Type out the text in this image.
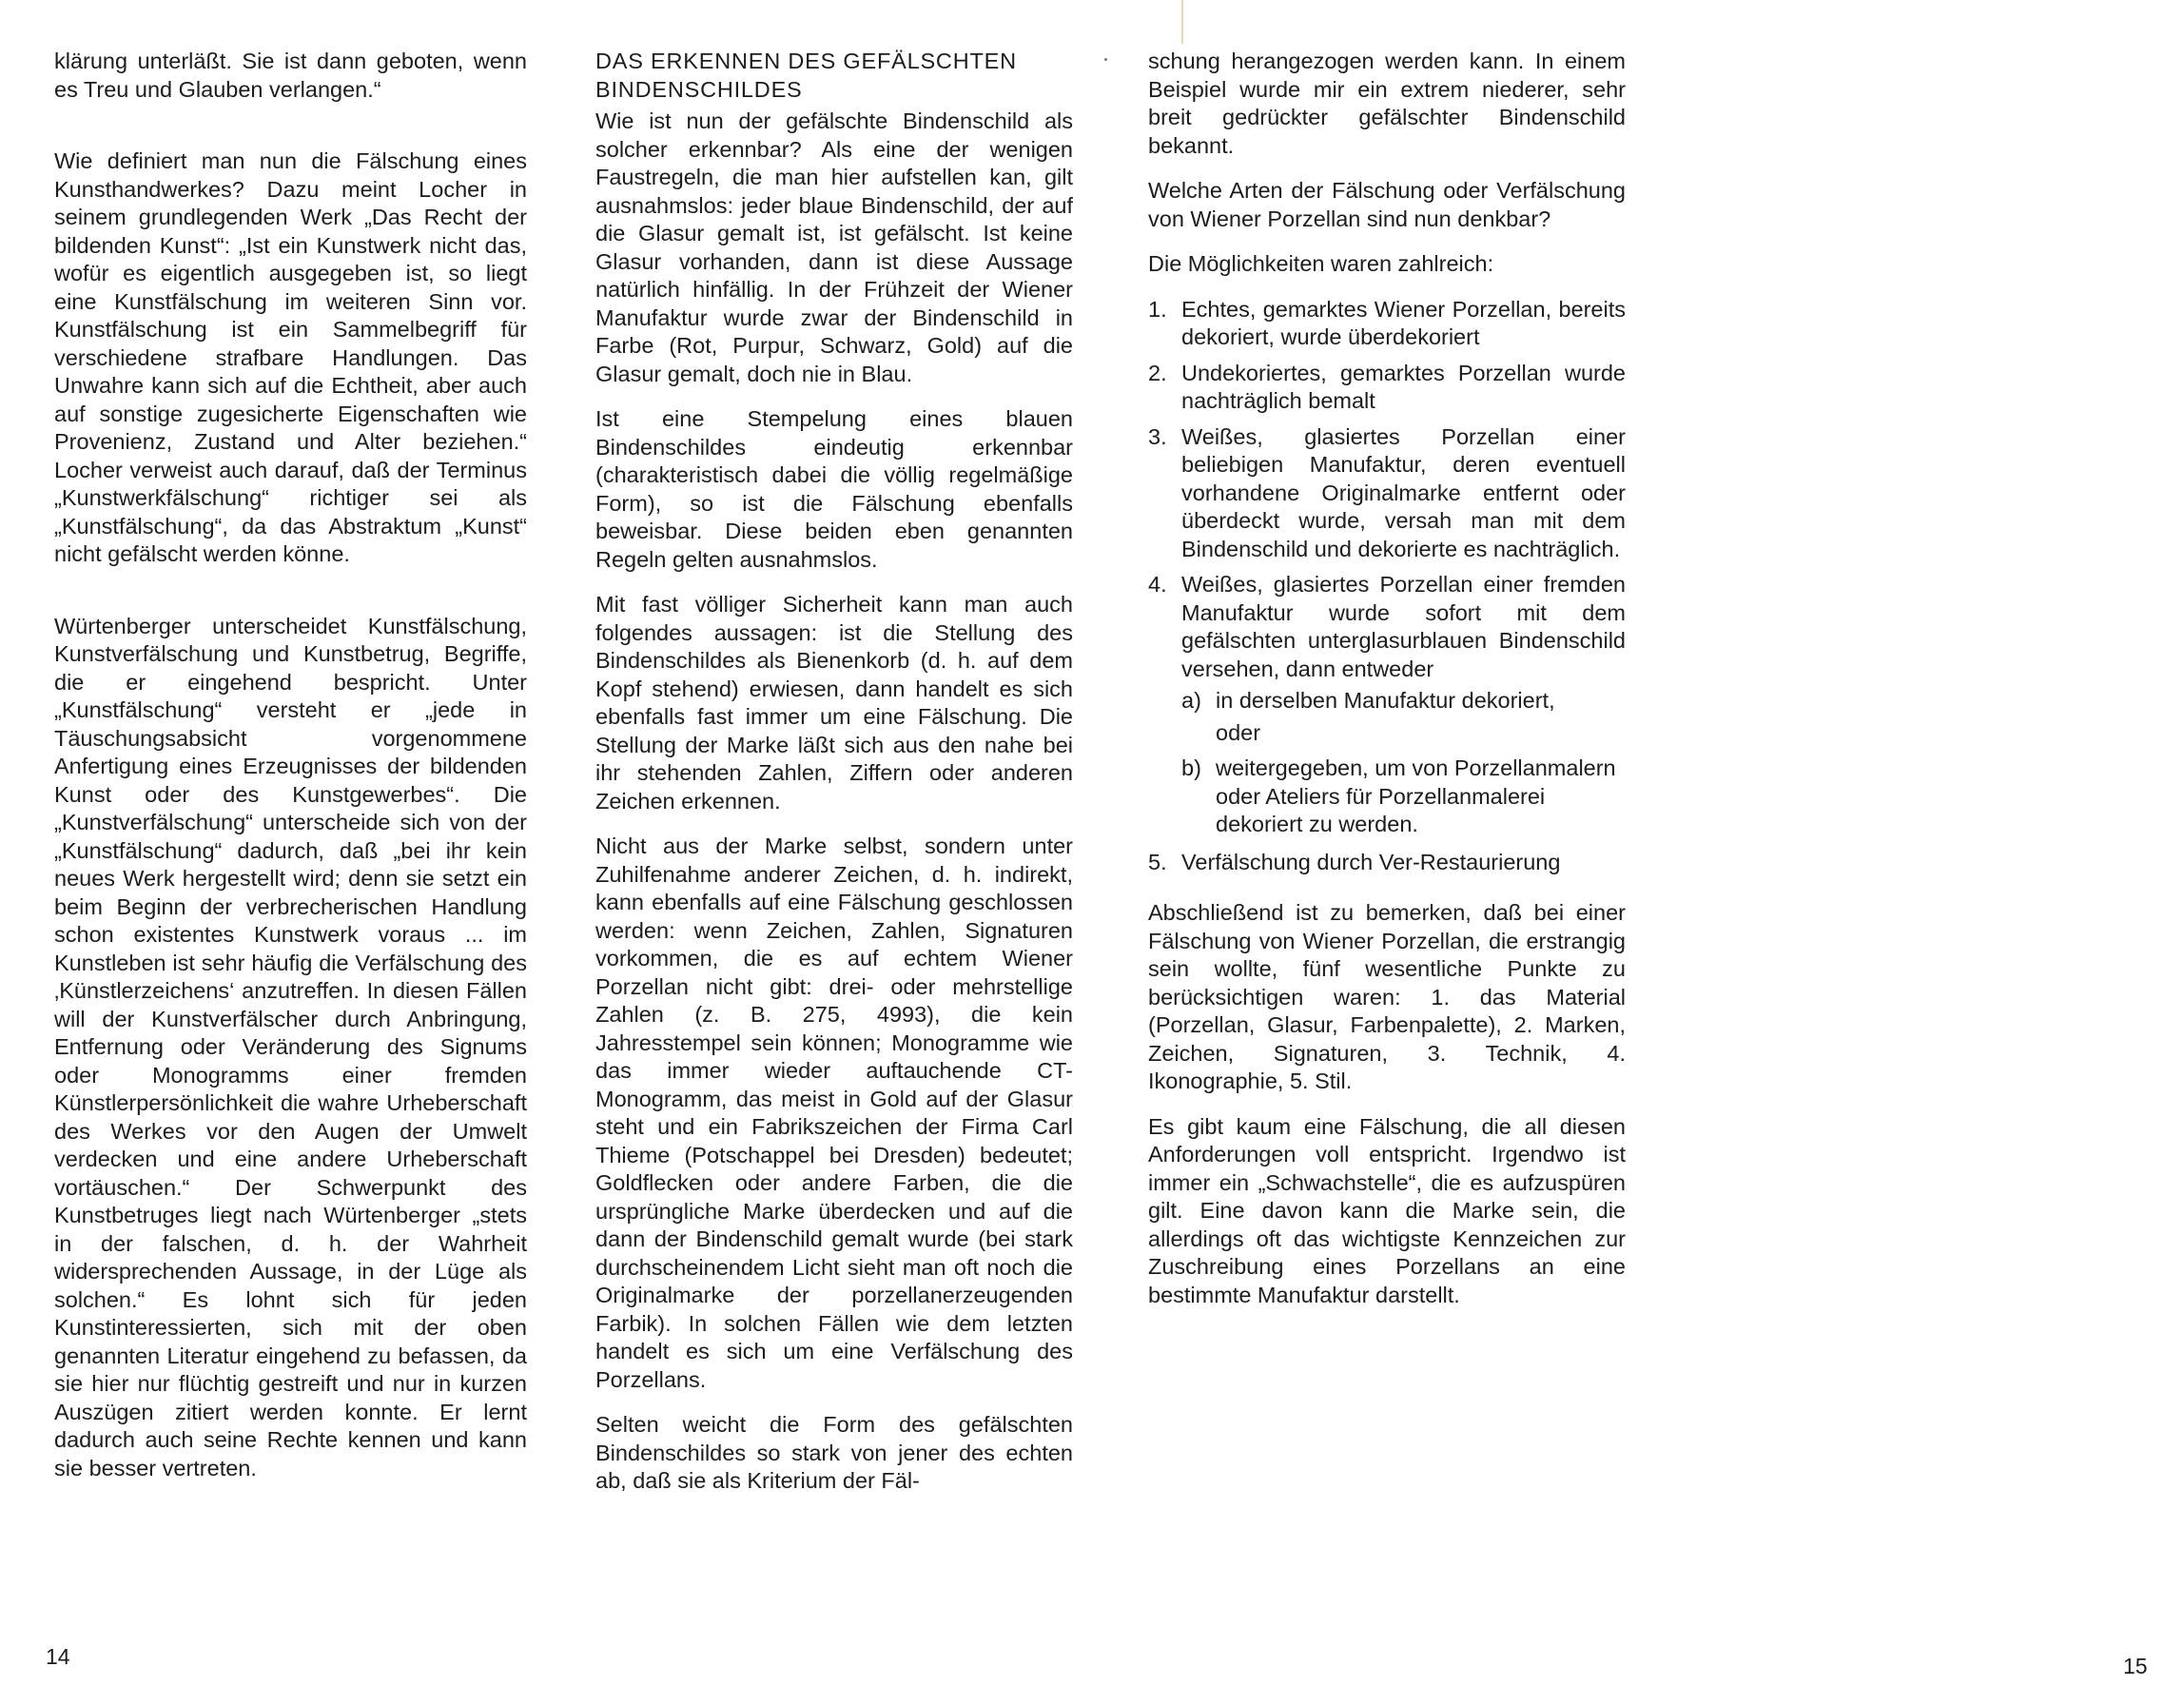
klärung unterläßt. Sie ist dann geboten, wenn es Treu und Glauben verlangen.“

Wie definiert man nun die Fälschung eines Kunsthandwerkes? Dazu meint Locher in seinem grundlegenden Werk „Das Recht der bildenden Kunst“: „Ist ein Kunstwerk nicht das, wofür es eigentlich ausgegeben ist, so liegt eine Kunstfälschung im weiteren Sinn vor. Kunstfälschung ist ein Sammelbegriff für verschiedene strafbare Handlungen. Das Unwahre kann sich auf die Echtheit, aber auch auf sonstige zugesicherte Eigenschaften wie Provenienz, Zustand und Alter beziehen.“ Locher verweist auch darauf, daß der Terminus „Kunstwerkfälschung“ richtiger sei als „Kunstfälschung“, da das Abstraktum „Kunst“ nicht gefälscht werden könne.

Würtenberger unterscheidet Kunstfälschung, Kunstverfälschung und Kunstbetrug, Begriffe, die er eingehend bespricht. Unter „Kunstfälschung“ versteht er „jede in Täuschungsabsicht vorgenommene Anfertigung eines Erzeugnisses der bildenden Kunst oder des Kunstgewerbes“. Die „Kunstverfälschung“ unterscheide sich von der „Kunstfälschung“ dadurch, daß „bei ihr kein neues Werk hergestellt wird; denn sie setzt ein beim Beginn der verbrecherischen Handlung schon existentes Kunstwerk voraus ... im Kunstleben ist sehr häufig die Verfälschung des ‚Künstlerzeichens‘ anzutreffen. In diesen Fällen will der Kunstverfälscher durch Anbringung, Entfernung oder Veränderung des Signums oder Monogramms einer fremden Künstlerpersönlichkeit die wahre Urheberschaft des Werkes vor den Augen der Umwelt verdecken und eine andere Urheberschaft vortäuschen.“ Der Schwerpunkt des Kunstbetruges liegt nach Würtenberger „stets in der falschen, d. h. der Wahrheit widersprechenden Aussage, in der Lüge als solchen.“ Es lohnt sich für jeden Kunstinteressierten, sich mit der oben genannten Literatur eingehend zu befassen, da sie hier nur flüchtig gestreift und nur in kurzen Auszügen zitiert werden konnte. Er lernt dadurch auch seine Rechte kennen und kann sie besser vertreten.

DAS ERKENNEN DES GEFÄLSCHTEN BINDENSCHILDES

Wie ist nun der gefälschte Bindenschild als solcher erkennbar? Als eine der wenigen Faustregeln, die man hier aufstellen kan, gilt ausnahmslos: jeder blaue Bindenschild, der auf die Glasur gemalt ist, ist gefälscht. Ist keine Glasur vorhanden, dann ist diese Aussage natürlich hinfällig. In der Frühzeit der Wiener Manufaktur wurde zwar der Bindenschild in Farbe (Rot, Purpur, Schwarz, Gold) auf die Glasur gemalt, doch nie in Blau.

Ist eine Stempelung eines blauen Bindenschildes eindeutig erkennbar (charakteristisch dabei die völlig regelmäßige Form), so ist die Fälschung ebenfalls beweisbar. Diese beiden eben genannten Regeln gelten ausnahmslos.

Mit fast völliger Sicherheit kann man auch folgendes aussagen: ist die Stellung des Bindenschildes als Bienenkorb (d. h. auf dem Kopf stehend) erwiesen, dann handelt es sich ebenfalls fast immer um eine Fälschung. Die Stellung der Marke läßt sich aus den nahe bei ihr stehenden Zahlen, Ziffern oder anderen Zeichen erkennen.

Nicht aus der Marke selbst, sondern unter Zuhilfenahme anderer Zeichen, d. h. indirekt, kann ebenfalls auf eine Fälschung geschlossen werden: wenn Zeichen, Zahlen, Signaturen vorkommen, die es auf echtem Wiener Porzellan nicht gibt: drei- oder mehrstellige Zahlen (z. B. 275, 4993), die kein Jahresstempel sein können; Monogramme wie das immer wieder auftauchende CT-Monogramm, das meist in Gold auf der Glasur steht und ein Fabrikszeichen der Firma Carl Thieme (Potschappel bei Dresden) bedeutet; Goldflecken oder andere Farben, die die ursprüngliche Marke überdecken und auf die dann der Bindenschild gemalt wurde (bei stark durchscheinendem Licht sieht man oft noch die Originalmarke der porzellanerzeugenden Farbik). In solchen Fällen wie dem letzten handelt es sich um eine Verfälschung des Porzellans.

Selten weicht die Form des gefälschten Bindenschildes so stark von jener des echten ab, daß sie als Kriterium der Fäl-

schung herangezogen werden kann. In einem Beispiel wurde mir ein extrem niederer, sehr breit gedrückter gefälschter Bindenschild bekannt.

Welche Arten der Fälschung oder Verfälschung von Wiener Porzellan sind nun denkbar?

Die Möglichkeiten waren zahlreich:

1. Echtes, gemarktes Wiener Porzellan, bereits dekoriert, wurde überdekoriert
2. Undekoriertes, gemarktes Porzellan wurde nachträglich bemalt
3. Weißes, glasiertes Porzellan einer beliebigen Manufaktur, deren eventuell vorhandene Originalmarke entfernt oder überdeckt wurde, versah man mit dem Bindenschild und dekorierte es nachträglich.
4. Weißes, glasiertes Porzellan einer fremden Manufaktur wurde sofort mit dem gefälschten unterglasurblauen Bindenschild versehen, dann entweder
a) in derselben Manufaktur dekoriert,
oder
b) weitergegeben, um von Porzellanmalern oder Ateliers für Porzellanmalerei dekoriert zu werden.
5. Verfälschung durch Ver-Restaurierung

Abschließend ist zu bemerken, daß bei einer Fälschung von Wiener Porzellan, die erstrangig sein wollte, fünf wesentliche Punkte zu berücksichtigen waren: 1. das Material (Porzellan, Glasur, Farbenpalette), 2. Marken, Zeichen, Signaturen, 3. Technik, 4. Ikonographie, 5. Stil.

Es gibt kaum eine Fälschung, die all diesen Anforderungen voll entspricht. Irgendwo ist immer ein „Schwachstelle“, die es aufzuspüren gilt. Eine davon kann die Marke sein, die allerdings oft das wichtigste Kennzeichen zur Zuschreibung eines Porzellans an eine bestimmte Manufaktur darstellt.

14	15
